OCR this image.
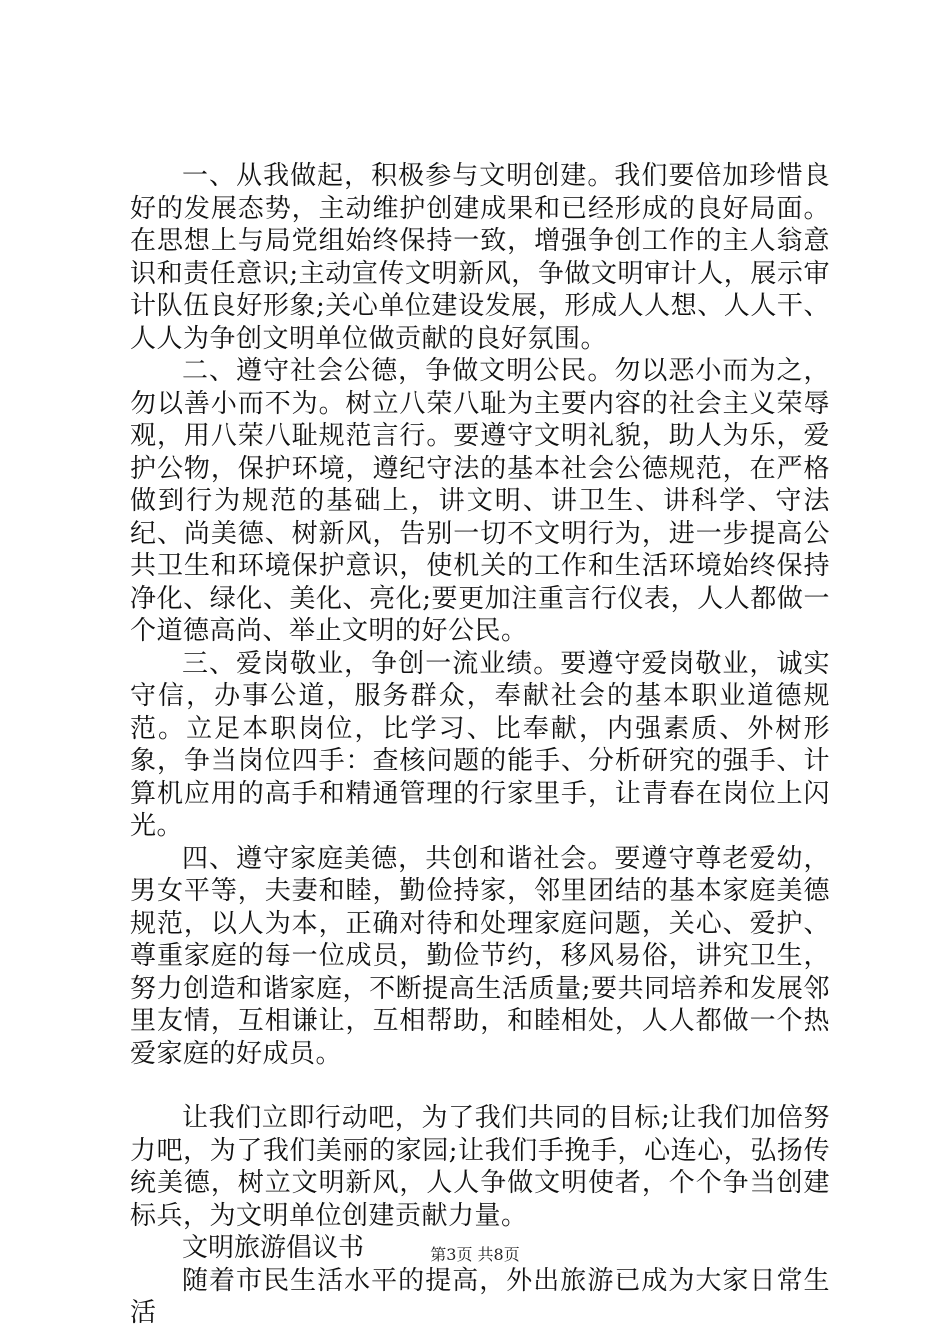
一、从我做起，积极参与文明创建。我们要倍加珍惜良好的发展态势，主动维护创建成果和已经形成的良好局面。在思想上与局党组始终保持一致，增强争创工作的主人翁意识和责任意识;主动宣传文明新风，争做文明审计人，展示审计队伍良好形象;关心单位建设发展，形成人人想、人人干、人人为争创文明单位做贡献的良好氛围。

二、遵守社会公德，争做文明公民。勿以恶小而为之，勿以善小而不为。树立八荣八耻为主要内容的社会主义荣辱观，用八荣八耻规范言行。要遵守文明礼貌，助人为乐，爱护公物，保护环境，遵纪守法的基本社会公德规范，在严格做到行为规范的基础上，讲文明、讲卫生、讲科学、守法纪、尚美德、树新风，告别一切不文明行为，进一步提高公共卫生和环境保护意识，使机关的工作和生活环境始终保持净化、绿化、美化、亮化;要更加注重言行仪表，人人都做一个道德高尚、举止文明的好公民。

三、爱岗敬业，争创一流业绩。要遵守爱岗敬业，诚实守信，办事公道，服务群众，奉献社会的基本职业道德规范。立足本职岗位，比学习、比奉献，内强素质、外树形象，争当岗位四手：查核问题的能手、分析研究的强手、计算机应用的高手和精通管理的行家里手，让青春在岗位上闪光。

四、遵守家庭美德，共创和谐社会。要遵守尊老爱幼，男女平等，夫妻和睦，勤俭持家，邻里团结的基本家庭美德规范，以人为本，正确对待和处理家庭问题，关心、爱护、尊重家庭的每一位成员，勤俭节约，移风易俗，讲究卫生，努力创造和谐家庭，不断提高生活质量;要共同培养和发展邻里友情，互相谦让，互相帮助，和睦相处，人人都做一个热爱家庭的好成员。

让我们立即行动吧，为了我们共同的目标;让我们加倍努力吧，为了我们美丽的家园;让我们手挽手，心连心，弘扬传统美德，树立文明新风，人人争做文明使者，个个争当创建标兵，为文明单位创建贡献力量。

文明旅游倡议书

随着市民生活水平的提高，外出旅游已成为大家日常生活

第3页 共8页
